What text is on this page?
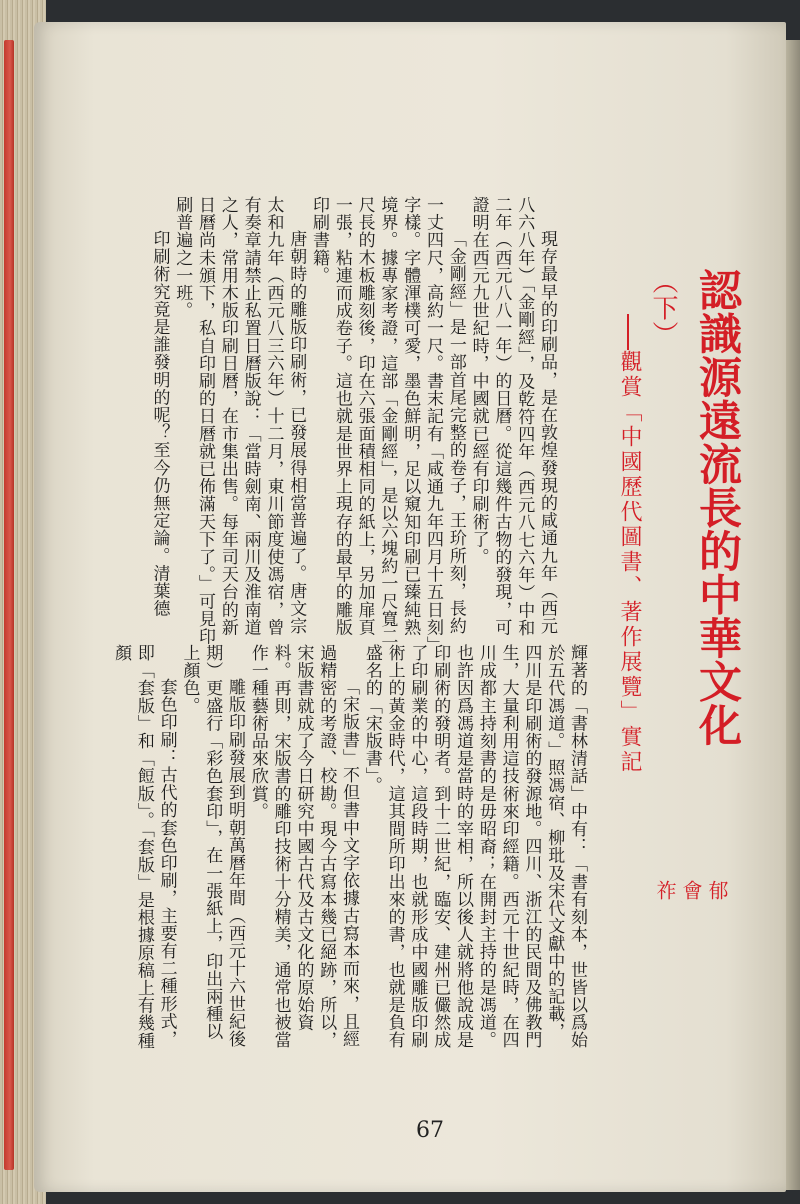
現存最早的印刷品，是在敦煌發現的咸通九年（西元八六八年）「金剛經」，及乾符四年（西元八七六年）中和二年（西元八八一年）的日曆。從這幾件古物的發現，可證明在西元九世紀時，中國就已經有印刷術了。

「金剛經」是一部首尾完整的卷子，王玠所刻，長約一丈四尺，高約一尺。書末記有「咸通九年四月十五日刻」字樣。字體渾樸可愛，墨色鮮明，足以窺知印刷已臻純熟境界。據專家考證，這部「金剛經」，是以六塊約一尺寬二尺長的木板雕刻後，印在六張面積相同的紙上，另加扉頁一張，粘連而成卷子。這也就是世界上現存的最早的雕版印刷書籍。

唐朝時的雕版印刷術，已發展得相當普遍了。唐文宗太和九年（西元八三六年）十二月，東川節度使馮宿，曾有奏章請禁止私置日曆版說：「當時劍南、兩川及淮南道之人，常用木版印刷日曆，在市集出售。每年司天台的新日曆尚未頒下，私自印刷的日曆就已佈滿天下了。」可見印刷普遍之一班。

印刷術究竟是誰發明的呢？至今仍無定論。清葉德

輝著的「書林清話」中有：「書有刻本，世皆以爲始於五代馮道。」照馮宿、柳玭及宋代文獻中的記載，四川是印刷術的發源地。四川、浙江的民間及佛教門生，大量利用這技術來印經籍。西元十世紀時，在四川成都主持刻書的是毋昭裔；在開封主持的是馮道。也許因爲馮道是當時的宰相，所以後人就將他說成是印刷術的發明者。到十二世紀，臨安、建州已儼然成了印刷業的中心，這段時期，也就形成中國雕版印刷術上的黃金時代，這其間所印出來的書，也就是負有盛名的「宋版書」。

「宋版書」不但書中文字依據古寫本而來，且經過精密的考證、校勘。現今古寫本幾已絕跡，所以，宋版書就成了今日研究中國古代及古文化的原始資料。再則，宋版書的雕印技術十分精美，通常也被當作一種藝術品來欣賞。

雕版印刷發展到明朝萬曆年間（西元十六世紀後期）更盛行「彩色套印」，在一張紙上，印出兩種以上顏色。

套色印刷：古代的套色印刷，主要有二種形式，即「套版」和「餖版」。「套版」是根據原稿上有幾種顏	認識源遠流長的中華文化（下）
觀賞「中國歷代圖書、著作展覽」實記
郁 會 祚
67
